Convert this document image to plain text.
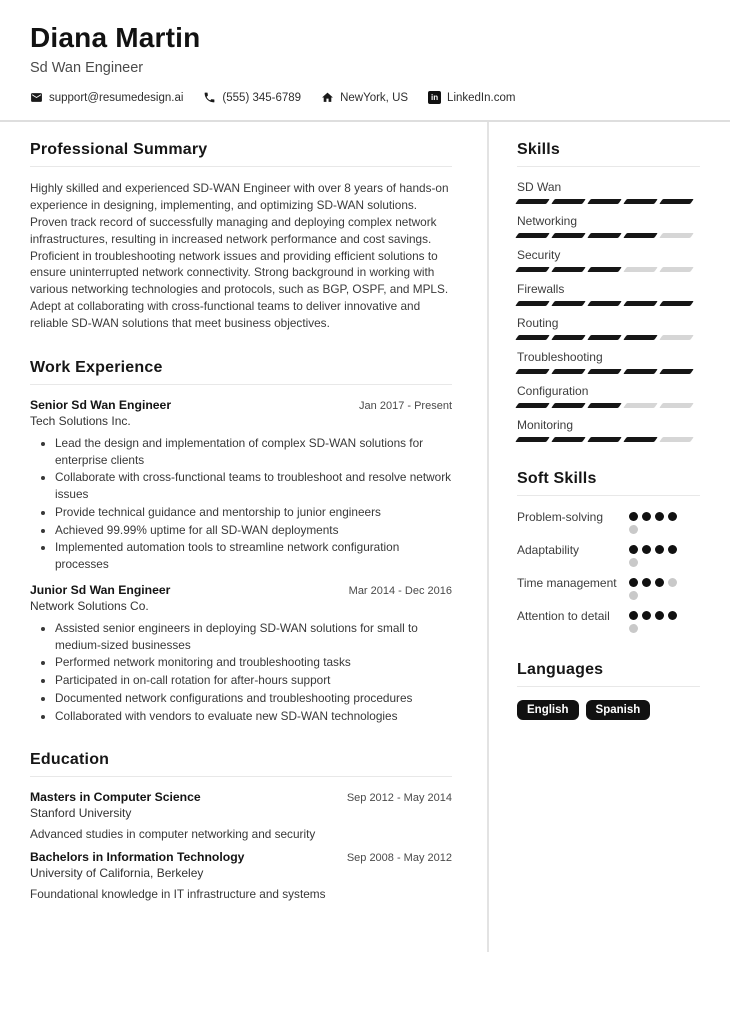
Diana Martin
Sd Wan Engineer
support@resumedesign.ai	(555) 345-6789	NewYork, US	in LinkedIn.com
Professional Summary

Highly skilled and experienced SD-WAN Engineer with over 8 years of hands-on experience in designing, implementing, and optimizing SD-WAN solutions. Proven track record of successfully managing and deploying complex network infrastructures, resulting in increased network performance and cost savings. Proficient in troubleshooting network issues and providing efficient solutions to ensure uninterrupted network connectivity. Strong background in working with various networking technologies and protocols, such as BGP, OSPF, and MPLS. Adept at collaborating with cross-functional teams to deliver innovative and reliable SD-WAN solutions that meet business objectives.

Work Experience
Senior Sd Wan Engineer	Jan 2017 - Present
Tech Solutions Inc.
• Lead the design and implementation of complex SD-WAN solutions for enterprise clients
• Collaborate with cross-functional teams to troubleshoot and resolve network issues
• Provide technical guidance and mentorship to junior engineers
• Achieved 99.99% uptime for all SD-WAN deployments
• Implemented automation tools to streamline network configuration processes
Junior Sd Wan Engineer	Mar 2014 - Dec 2016
Network Solutions Co.
• Assisted senior engineers in deploying SD-WAN solutions for small to medium-sized businesses
• Performed network monitoring and troubleshooting tasks
• Participated in on-call rotation for after-hours support
• Documented network configurations and troubleshooting procedures
• Collaborated with vendors to evaluate new SD-WAN technologies
Education
Masters in Computer Science	Sep 2012 - May 2014
Stanford University
Advanced studies in computer networking and security
Bachelors in Information Technology	Sep 2008 - May 2012
University of California, Berkeley
Foundational knowledge in IT infrastructure and systems
Skills
SD Wan
Networking
Security
Firewalls
Routing
Troubleshooting
Configuration
Monitoring
Soft Skills
Problem-solving
Adaptability
Time management
Attention to detail
Languages
English	Spanish
